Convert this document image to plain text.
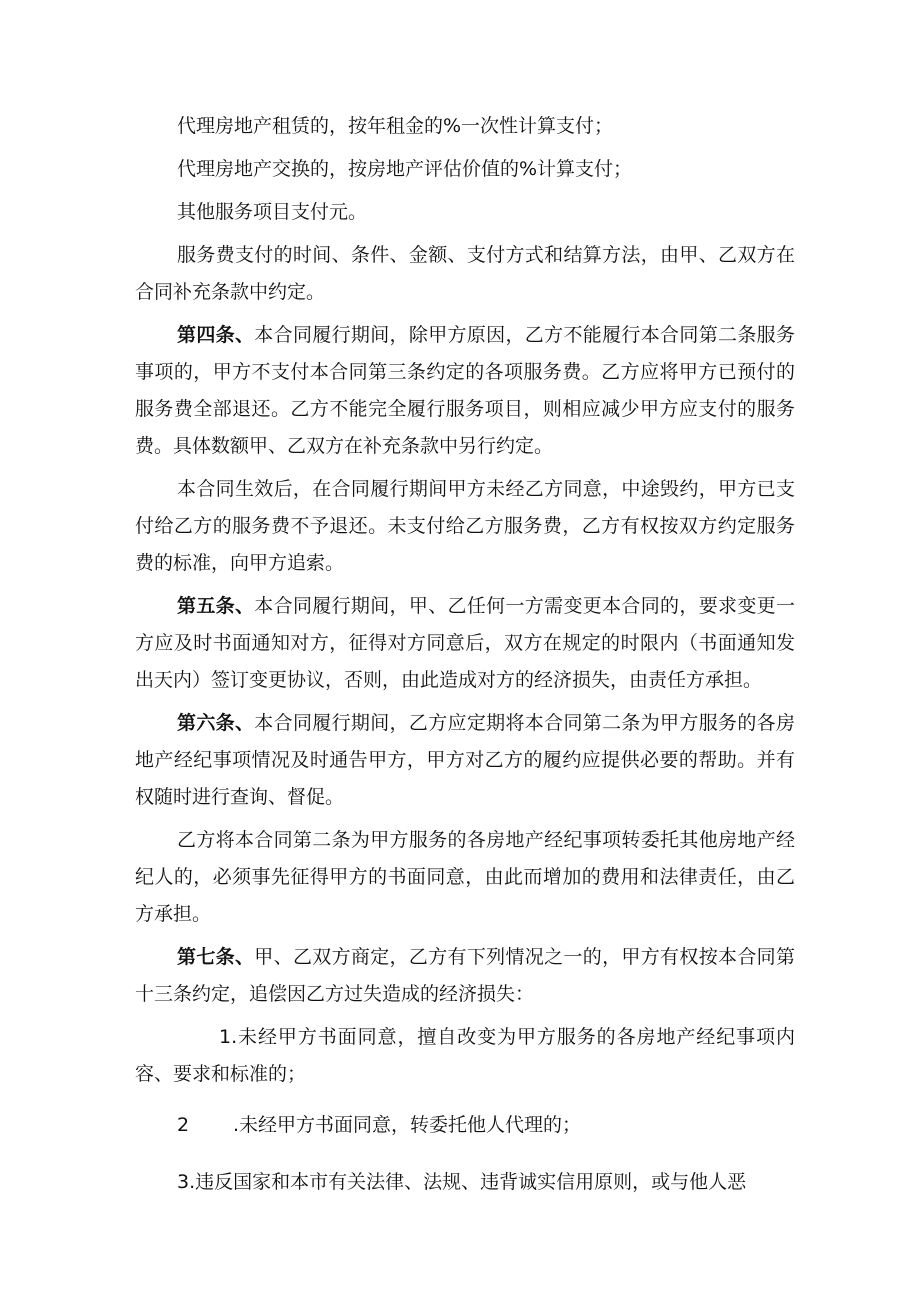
代理房地产租赁的，按年租金的%一次性计算支付；

代理房地产交换的，按房地产评估价值的%计算支付；

其他服务项目支付元。

服务费支付的时间、条件、金额、支付方式和结算方法，由甲、乙双方在合同补充条款中约定。

第四条、本合同履行期间，除甲方原因，乙方不能履行本合同第二条服务事项的，甲方不支付本合同第三条约定的各项服务费。乙方应将甲方已预付的服务费全部退还。乙方不能完全履行服务项目，则相应减少甲方应支付的服务费。具体数额甲、乙双方在补充条款中另行约定。

本合同生效后，在合同履行期间甲方未经乙方同意，中途毁约，甲方已支付给乙方的服务费不予退还。未支付给乙方服务费，乙方有权按双方约定服务费的标准，向甲方追索。

第五条、本合同履行期间，甲、乙任何一方需变更本合同的，要求变更一方应及时书面通知对方，征得对方同意后，双方在规定的时限内（书面通知发出天内）签订变更协议，否则，由此造成对方的经济损失，由责任方承担。

第六条、本合同履行期间，乙方应定期将本合同第二条为甲方服务的各房地产经纪事项情况及时通告甲方，甲方对乙方的履约应提供必要的帮助。并有权随时进行查询、督促。

乙方将本合同第二条为甲方服务的各房地产经纪事项转委托其他房地产经纪人的，必须事先征得甲方的书面同意，由此而增加的费用和法律责任，由乙方承担。

第七条、甲、乙双方商定，乙方有下列情况之一的，甲方有权按本合同第十三条约定，追偿因乙方过失造成的经济损失：

1.未经甲方书面同意，擅自改变为甲方服务的各房地产经纪事项内容、要求和标准的；

2 .未经甲方书面同意，转委托他人代理的；

3.违反国家和本市有关法律、法规、违背诚实信用原则，或与他人恶
